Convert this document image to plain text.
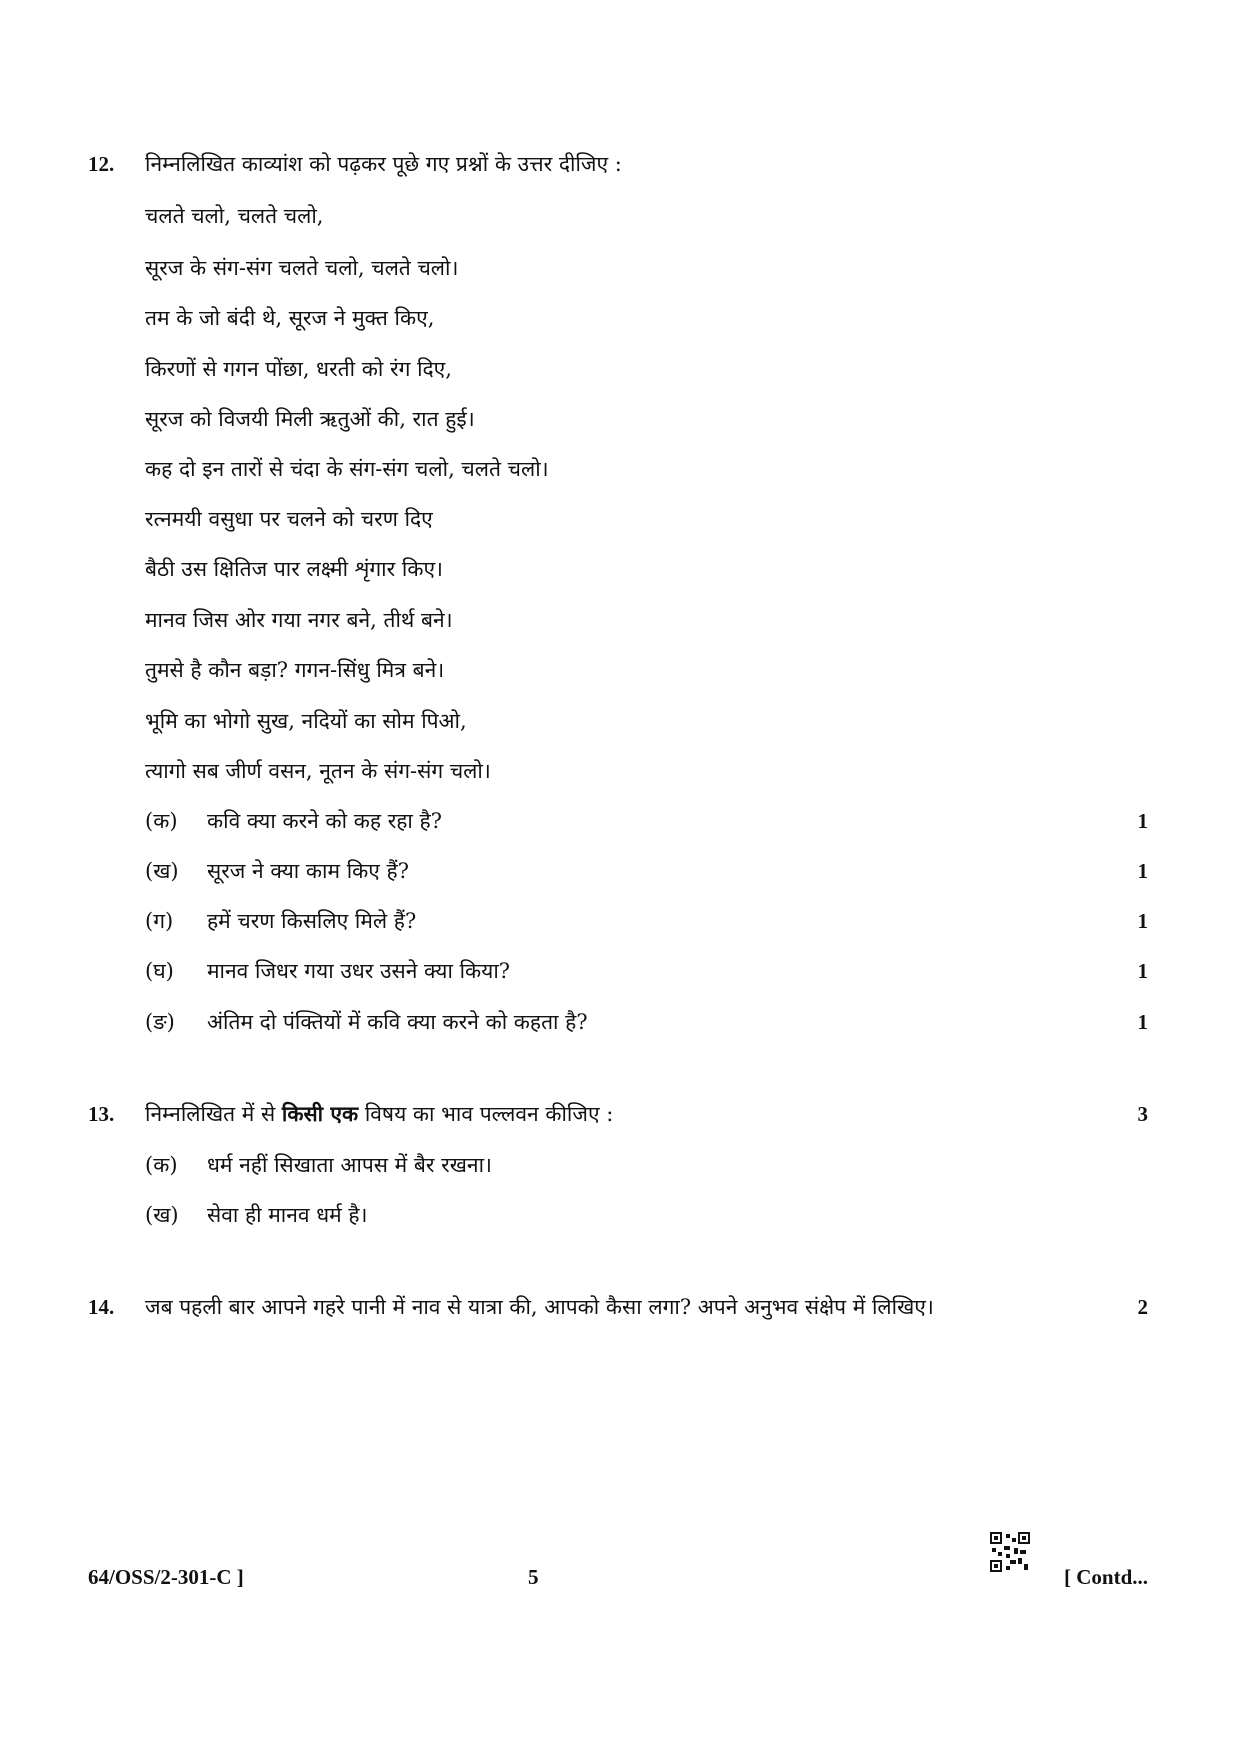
12. निम्नलिखित काव्यांश को पढ़कर पूछे गए प्रश्नों के उत्तर दीजिए :
चलते चलो, चलते चलो,
सूरज के संग-संग चलते चलो, चलते चलो।
तम के जो बंदी थे, सूरज ने मुक्त किए,
किरणों से गगन पोंछा, धरती को रंग दिए,
सूरज को विजयी मिली ऋतुओं की, रात हुई।
कह दो इन तारों से चंदा के संग-संग चलो, चलते चलो।
रत्नमयी वसुधा पर चलने को चरण दिए
बैठी उस क्षितिज पार लक्ष्मी शृंगार किए।
मानव जिस ओर गया नगर बने, तीर्थ बने।
तुमसे है कौन बड़ा? गगन-सिंधु मित्र बने।
भूमि का भोगो सुख, नदियों का सोम पिओ,
त्यागो सब जीर्ण वसन, नूतन के संग-संग चलो।
(क) कवि क्या करने को कह रहा है?	1
(ख) सूरज ने क्या काम किए हैं?	1
(ग) हमें चरण किसलिए मिले हैं?	1
(घ) मानव जिधर गया उधर उसने क्या किया?	1
(ङ) अंतिम दो पंक्तियों में कवि क्या करने को कहता है?	1
13. निम्नलिखित में से किसी एक विषय का भाव पल्लवन कीजिए :	3
(क) धर्म नहीं सिखाता आपस में बैर रखना।
(ख) सेवा ही मानव धर्म है।
14. जब पहली बार आपने गहरे पानी में नाव से यात्रा की, आपको कैसा लगा? अपने अनुभव संक्षेप में लिखिए।	2
64/OSS/2-301-C ]	5	[ Contd...
